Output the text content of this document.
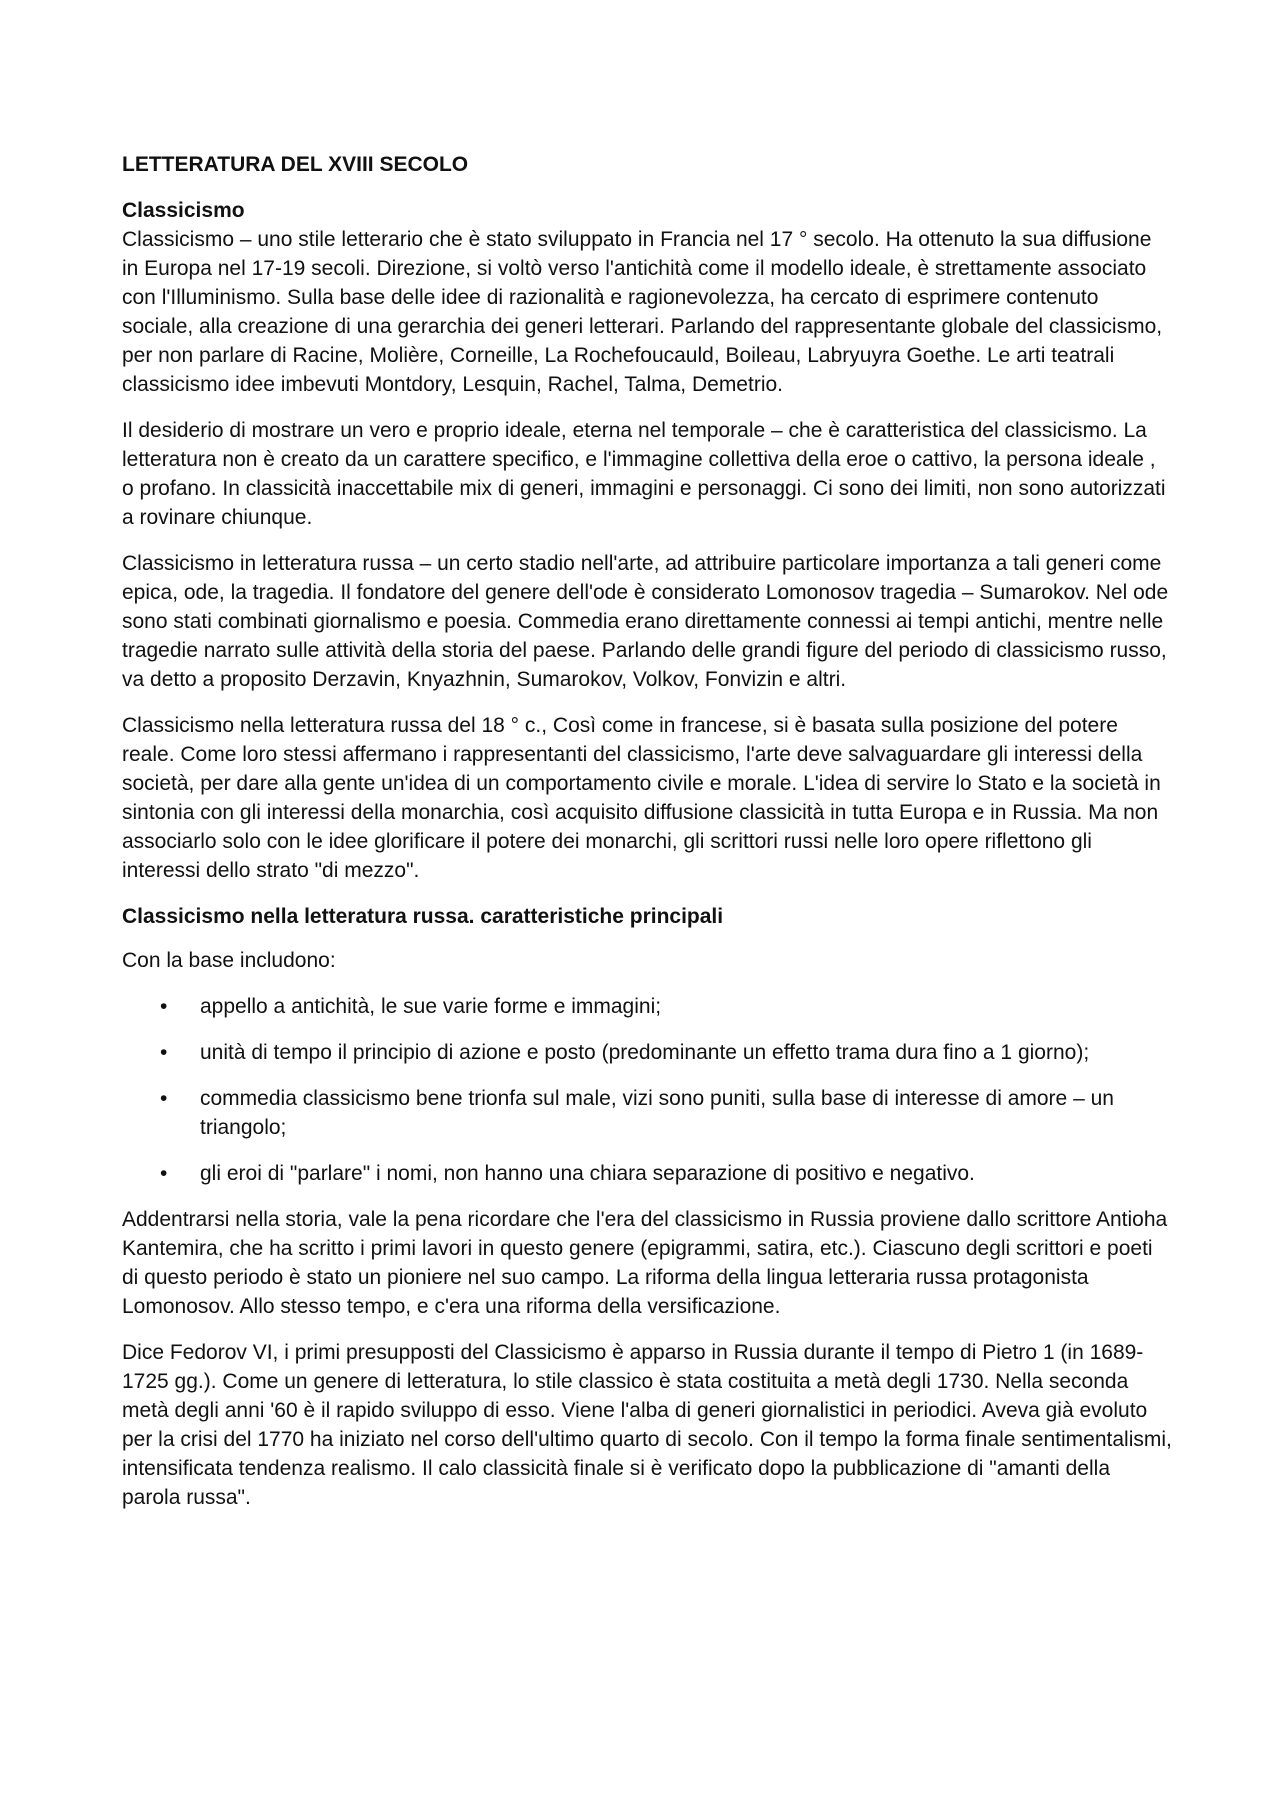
LETTERATURA DEL XVIII SECOLO
Classicismo

Classicismo – uno stile letterario che è stato sviluppato in Francia nel 17 ° secolo. Ha ottenuto la sua diffusione in Europa nel 17-19 secoli. Direzione, si voltò verso l'antichità come il modello ideale, è strettamente associato con l'Illuminismo. Sulla base delle idee di razionalità e ragionevolezza, ha cercato di esprimere contenuto sociale, alla creazione di una gerarchia dei generi letterari. Parlando del rappresentante globale del classicismo, per non parlare di Racine, Molière, Corneille, La Rochefoucauld, Boileau, Labryuyra Goethe. Le arti teatrali classicismo idee imbevuti Montdory, Lesquin, Rachel, Talma, Demetrio.

Il desiderio di mostrare un vero e proprio ideale, eterna nel temporale – che è caratteristica del classicismo. La letteratura non è creato da un carattere specifico, e l'immagine collettiva della eroe o cattivo, la persona ideale , o profano. In classicità inaccettabile mix di generi, immagini e personaggi. Ci sono dei limiti, non sono autorizzati a rovinare chiunque.

Classicismo in letteratura russa – un certo stadio nell'arte, ad attribuire particolare importanza a tali generi come epica, ode, la tragedia. Il fondatore del genere dell'ode è considerato Lomonosov tragedia – Sumarokov. Nel ode sono stati combinati giornalismo e poesia. Commedia erano direttamente connessi ai tempi antichi, mentre nelle tragedie narrato sulle attività della storia del paese. Parlando delle grandi figure del periodo di classicismo russo, va detto a proposito Derzavin, Knyazhnin, Sumarokov, Volkov, Fonvizin e altri.

Classicismo nella letteratura russa del 18 ° c., Così come in francese, si è basata sulla posizione del potere reale. Come loro stessi affermano i rappresentanti del classicismo, l'arte deve salvaguardare gli interessi della società, per dare alla gente un'idea di un comportamento civile e morale. L'idea di servire lo Stato e la società in sintonia con gli interessi della monarchia, così acquisito diffusione classicità in tutta Europa e in Russia. Ma non associarlo solo con le idee glorificare il potere dei monarchi, gli scrittori russi nelle loro opere riflettono gli interessi dello strato "di mezzo".

Classicismo nella letteratura russa. caratteristiche principali

Con la base includono:

• appello a antichità, le sue varie forme e immagini;
• unità di tempo il principio di azione e posto (predominante un effetto trama dura fino a 1 giorno);
• commedia classicismo bene trionfa sul male, vizi sono puniti, sulla base di interesse di amore – un triangolo;
• gli eroi di "parlare" i nomi, non hanno una chiara separazione di positivo e negativo.

Addentrarsi nella storia, vale la pena ricordare che l'era del classicismo in Russia proviene dallo scrittore Antioha Kantemira, che ha scritto i primi lavori in questo genere (epigrammi, satira, etc.). Ciascuno degli scrittori e poeti di questo periodo è stato un pioniere nel suo campo. La riforma della lingua letteraria russa protagonista Lomonosov. Allo stesso tempo, e c'era una riforma della versificazione.

Dice Fedorov VI, i primi presupposti del Classicismo è apparso in Russia durante il tempo di Pietro 1 (in 1689-1725 gg.). Come un genere di letteratura, lo stile classico è stata costituita a metà degli 1730. Nella seconda metà degli anni '60 è il rapido sviluppo di esso. Viene l'alba di generi giornalistici in periodici. Aveva già evoluto per la crisi del 1770 ha iniziato nel corso dell'ultimo quarto di secolo. Con il tempo la forma finale sentimentalismi, intensificata tendenza realismo. Il calo classicità finale si è verificato dopo la pubblicazione di "amanti della parola russa".
